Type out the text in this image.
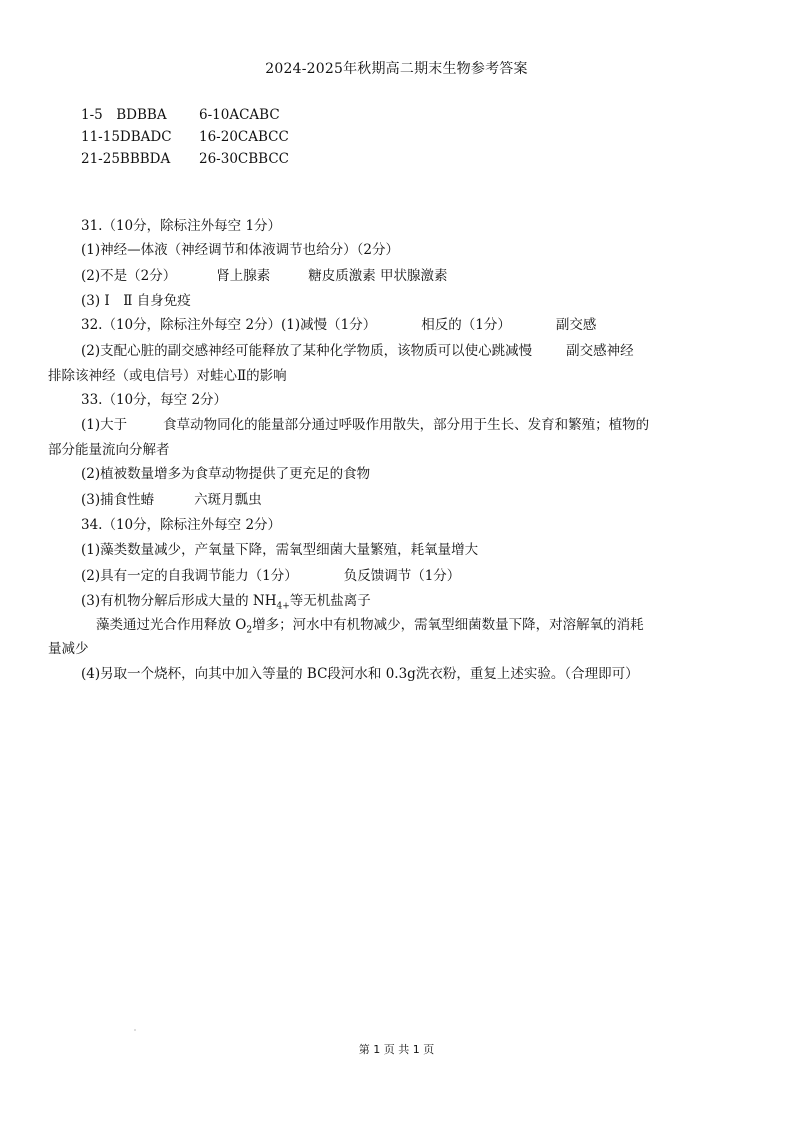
2024-2025年秋期高二期末生物参考答案
1-5　BDBBA 6-10ACABC
11-15DBADC 16-20CABCC
21-25BBBDA 26-30CBBCC
31.（10分，除标注外每空 1分）
(1)神经—体液（神经调节和体液调节也给分）（2分）
(2)不是（2分）	肾上腺素	糖皮质激素 甲状腺激素
(3) Ⅰ　Ⅱ 自身免疫
32.（10分，除标注外每空 2分）(1)减慢（1分）	相反的（1分）	副交感
(2)支配心脏的副交感神经可能释放了某种化学物质，该物质可以使心跳减慢	副交感神经
排除该神经（或电信号）对蛙心Ⅱ的影响
33.（10分，每空 2分）
(1)大于	食草动物同化的能量部分通过呼吸作用散失，部分用于生长、发育和繁殖；植物的
部分能量流向分解者
(2)植被数量增多为食草动物提供了更充足的食物
(3)捕食性蝽	六斑月瓢虫
34.（10分，除标注外每空 2分）
(1)藻类数量减少，产氧量下降，需氧型细菌大量繁殖，耗氧量增大
(2)具有一定的自我调节能力（1分）	负反馈调节（1分）
(3)有机物分解后形成大量的 $NH_{4+}$等无机盐离子
藻类通过光合作用释放 $O_2$增多；河水中有机物减少，需氧型细菌数量下降，对溶解氧的消耗
量减少
(4)另取一个烧杯，向其中加入等量的 BC段河水和 0.3g洗衣粉，重复上述实验。（合理即可）
第 1 页 共 1 页
